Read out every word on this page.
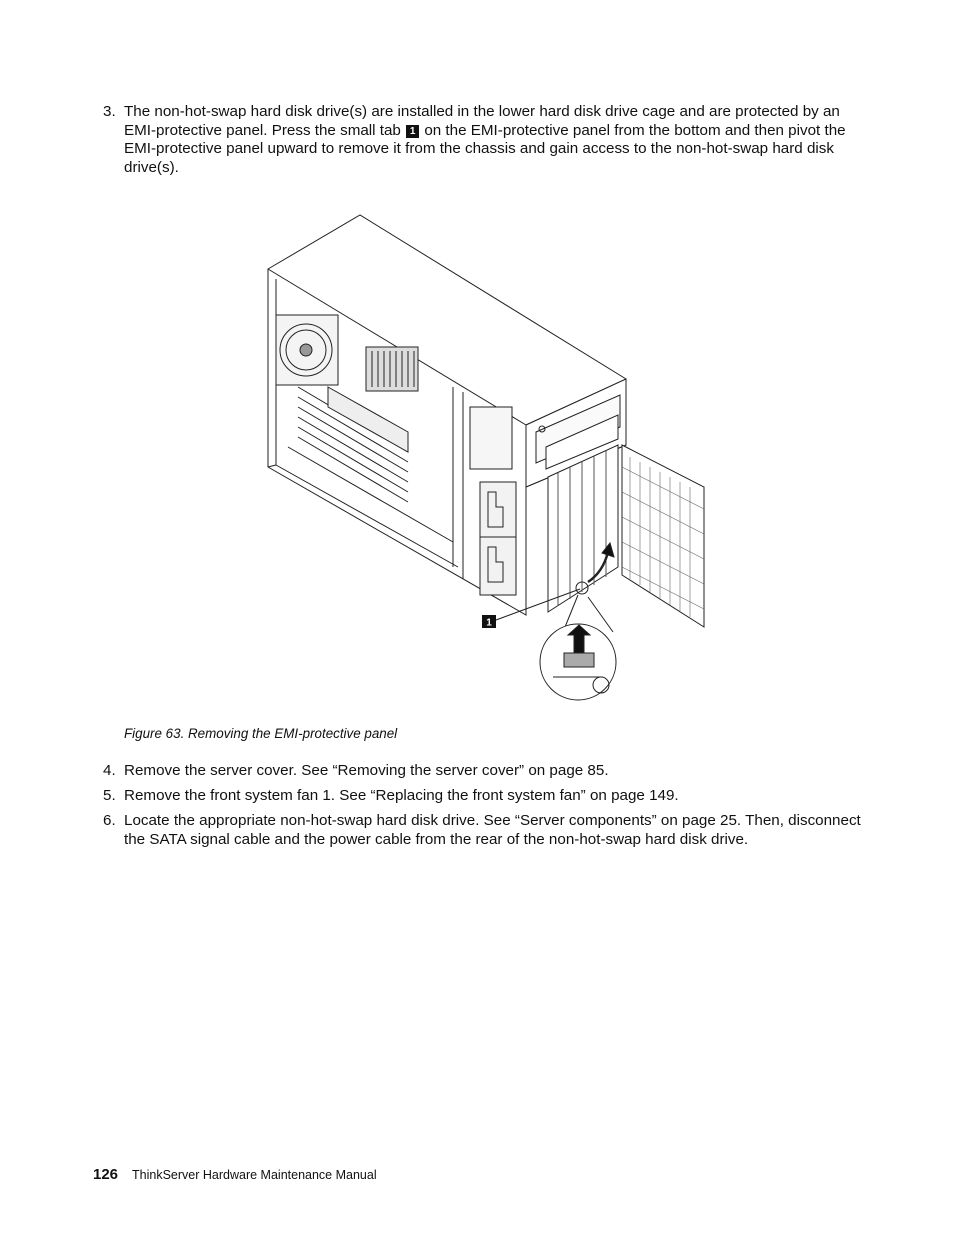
3. The non-hot-swap hard disk drive(s) are installed in the lower hard disk drive cage and are protected by an EMI-protective panel. Press the small tab 1 on the EMI-protective panel from the bottom and then pivot the EMI-protective panel upward to remove it from the chassis and gain access to the non-hot-swap hard disk drive(s).
1
Figure 63. Removing the EMI-protective panel
4. Remove the server cover. See “Removing the server cover” on page 85.
5. Remove the front system fan 1. See “Replacing the front system fan” on page 149.
6. Locate the appropriate non-hot-swap hard disk drive. See “Server components” on page 25. Then, disconnect the SATA signal cable and the power cable from the rear of the non-hot-swap hard disk drive.
126 ThinkServer Hardware Maintenance Manual
